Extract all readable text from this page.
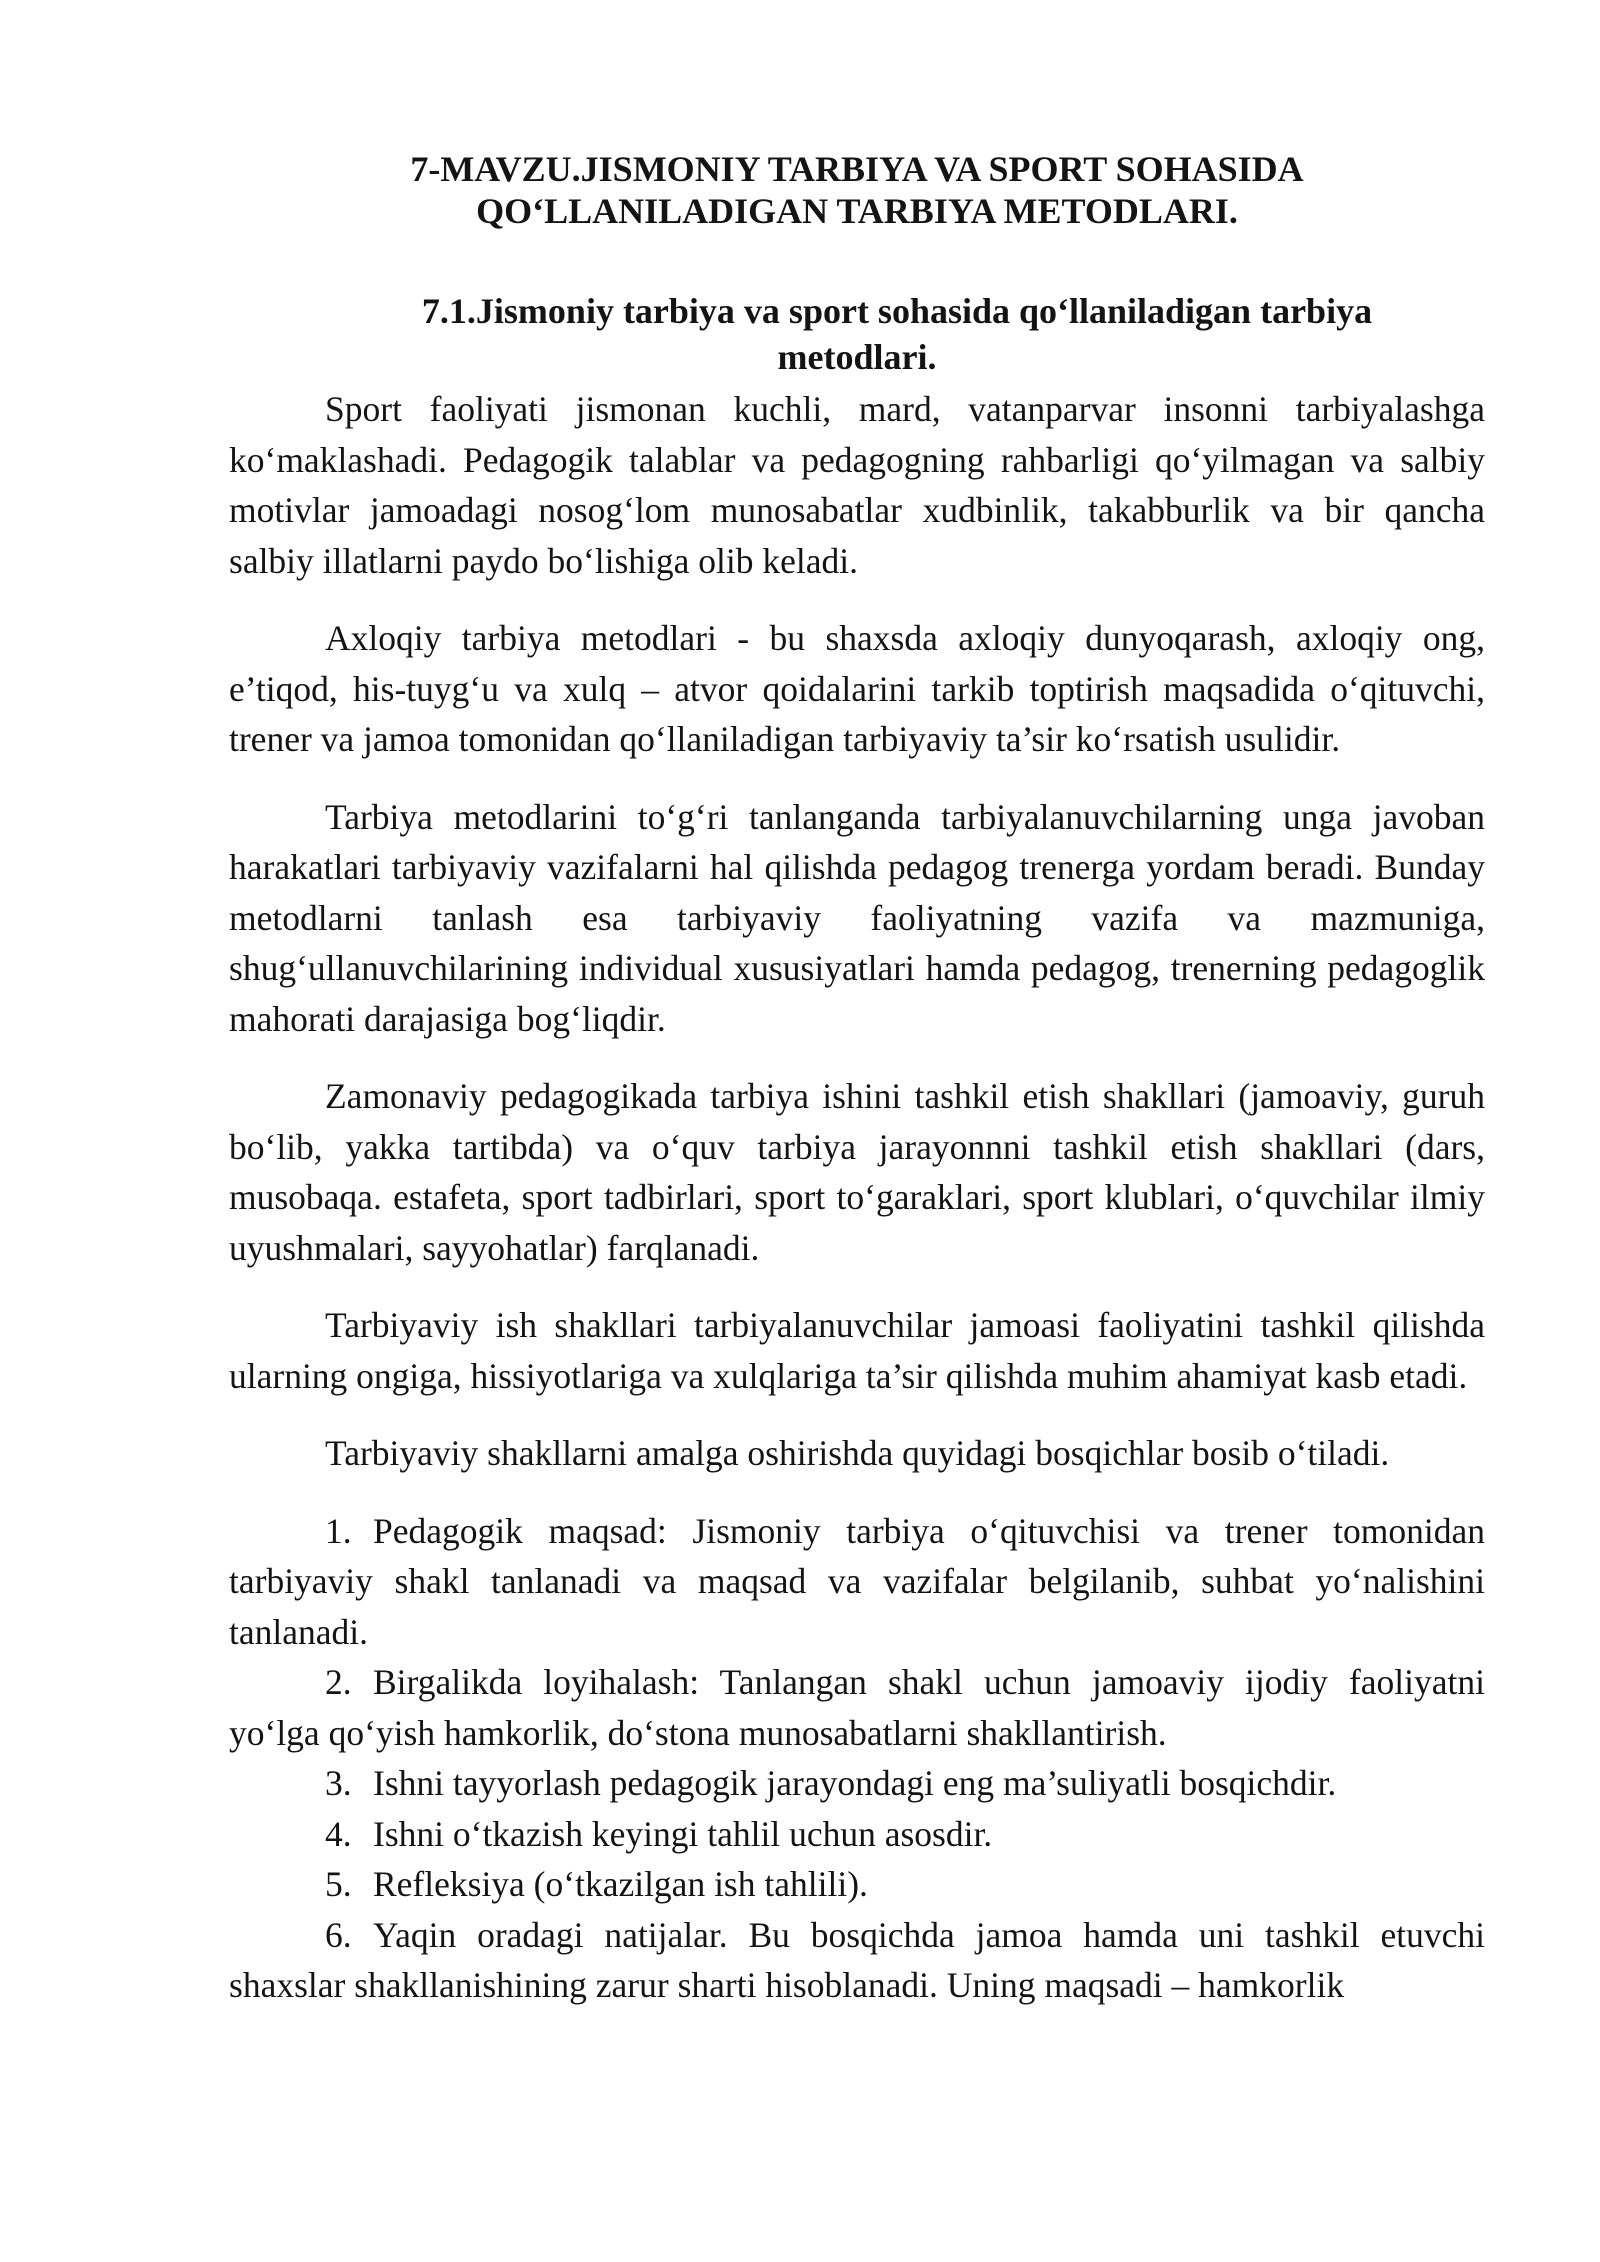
7-MAVZU.JISMONIY TARBIYA VA SPORT SOHASIDA
QO‘LLANILADIGAN TARBIYA METODLARI.
7.1.Jismoniy tarbiya va sport sohasida qo‘llaniladigan tarbiya
metodlari.

Sport faoliyati jismonan kuchli, mard, vatanparvar insonni tarbiyalashga ko‘maklashadi. Pedagogik talablar va pedagogning rahbarligi qo‘yilmagan va salbiy motivlar jamoadagi nosog‘lom munosabatlar xudbinlik, takabburlik va bir qancha salbiy illatlarni paydo bo‘lishiga olib keladi.

Axloqiy tarbiya metodlari - bu shaxsda axloqiy dunyoqarash, axloqiy ong, e’tiqod, his-tuyg‘u va xulq – atvor qoidalarini tarkib toptirish maqsadida o‘qituvchi, trener va jamoa tomonidan qo‘llaniladigan tarbiyaviy ta’sir ko‘rsatish usulidir.

Tarbiya metodlarini to‘g‘ri tanlanganda tarbiyalanuvchilarning unga javoban harakatlari tarbiyaviy vazifalarni hal qilishda pedagog trenerga yordam beradi. Bunday metodlarni tanlash esa tarbiyaviy faoliyatning vazifa va mazmuniga, shug‘ullanuvchilarining individual xususiyatlari hamda pedagog, trenerning pedagoglik mahorati darajasiga bog‘liqdir.

Zamonaviy pedagogikada tarbiya ishini tashkil etish shakllari (jamoaviy, guruh bo‘lib, yakka tartibda) va o‘quv tarbiya jarayonnni tashkil etish shakllari (dars, musobaqa. estafeta, sport tadbirlari, sport to‘garaklari, sport klublari, o‘quvchilar ilmiy uyushmalari, sayyohatlar) farqlanadi.

Tarbiyaviy ish shakllari tarbiyalanuvchilar jamoasi faoliyatini tashkil qilishda ularning ongiga, hissiyotlariga va xulqlariga ta’sir qilishda muhim ahamiyat kasb etadi.

Tarbiyaviy shakllarni amalga oshirishda quyidagi bosqichlar bosib o‘tiladi.

1. Pedagogik maqsad: Jismoniy tarbiya o‘qituvchisi va trener tomonidan tarbiyaviy shakl tanlanadi va maqsad va vazifalar belgilanib, suhbat yo‘nalishini tanlanadi.
2. Birgalikda loyihalash: Tanlangan shakl uchun jamoaviy ijodiy faoliyatni yo‘lga qo‘yish hamkorlik, do‘stona munosabatlarni shakllantirish.
3. Ishni tayyorlash pedagogik jarayondagi eng ma’suliyatli bosqichdir.
4. Ishni o‘tkazish keyingi tahlil uchun asosdir.
5. Refleksiya (o‘tkazilgan ish tahlili).
6. Yaqin oradagi natijalar. Bu bosqichda jamoa hamda uni tashkil etuvchi shaxslar shakllanishining zarur sharti hisoblanadi. Uning maqsadi – hamkorlik
